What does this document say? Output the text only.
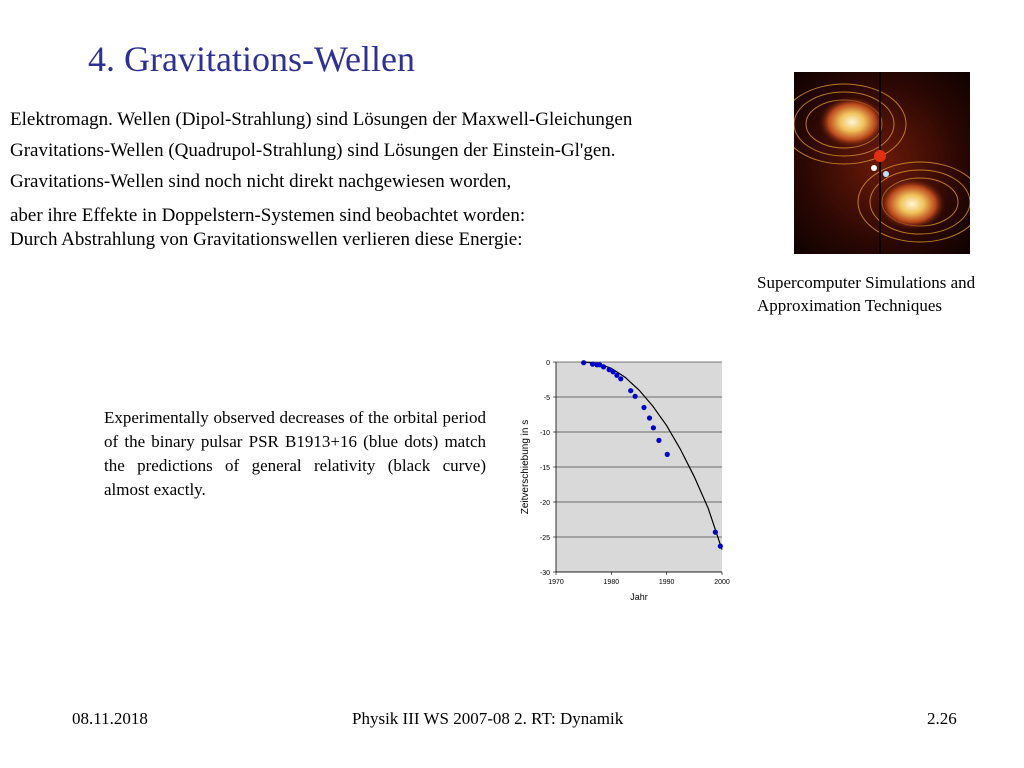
4. Gravitations-Wellen
Elektromagn. Wellen (Dipol-Strahlung) sind Lösungen der Maxwell-Gleichungen
Gravitations-Wellen (Quadrupol-Strahlung) sind Lösungen der Einstein-Gl'gen.
Gravitations-Wellen sind noch nicht direkt nachgewiesen worden,
aber ihre Effekte in Doppelstern-Systemen sind beobachtet worden:
Durch Abstrahlung von Gravitationswellen verlieren diese Energie:
Supercomputer Simulations and
Approximation Techniques
Experimentally observed decreases of the orbital period of the binary pulsar PSR B1913+16 (blue dots) match the predictions of general relativity (black curve) almost exactly.
0
-5
-10
-15
-20
-25
-30
1970	1980	1990	2000
Zeitverschiebung in s
Jahr
08.11.2018	Physik III WS 2007-08 2. RT: Dynamik	2.26
